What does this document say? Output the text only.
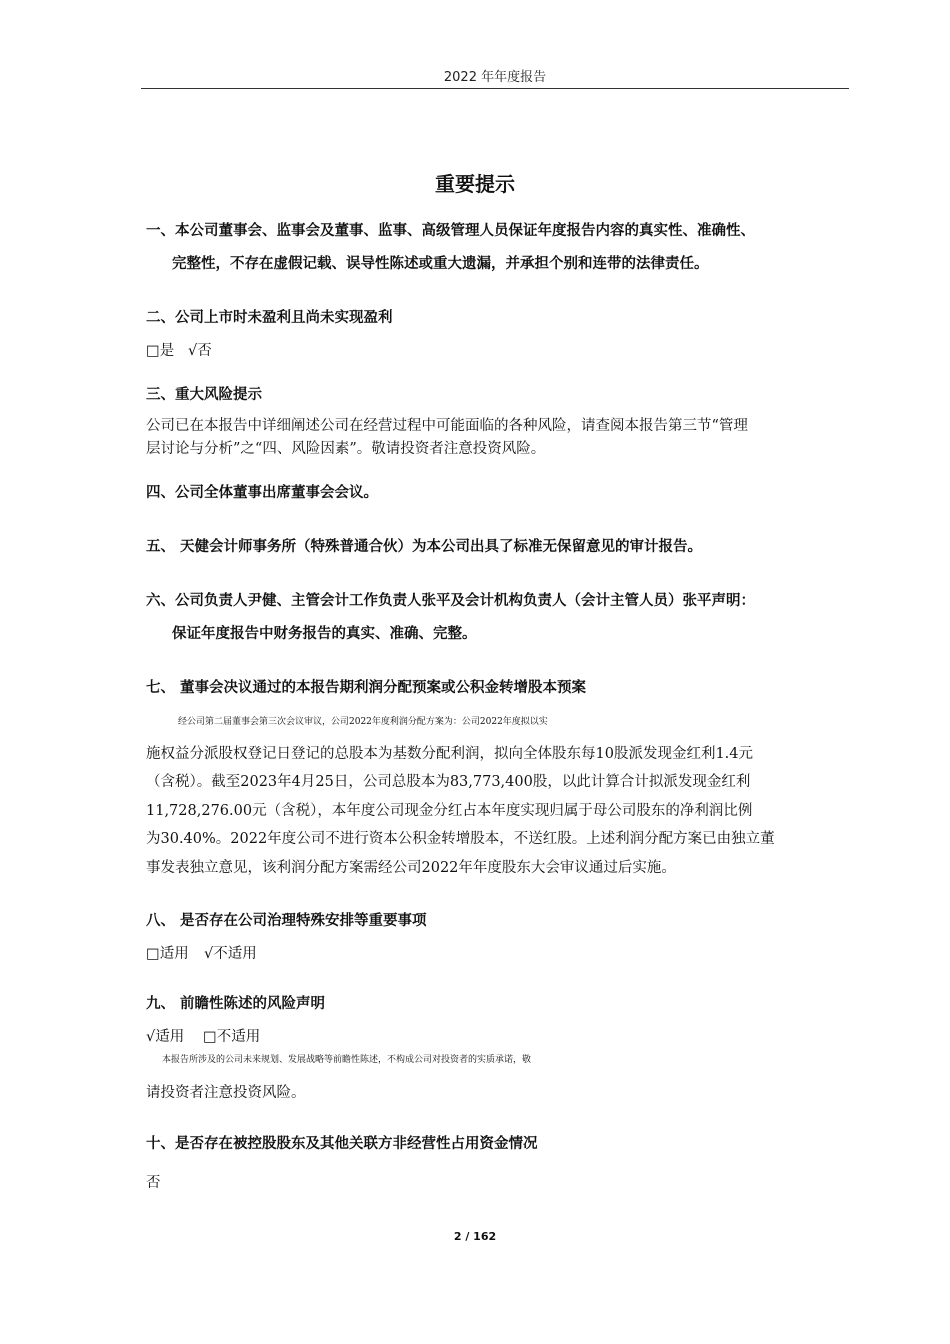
2022 年年度报告
重要提示
一、本公司董事会、监事会及董事、监事、高级管理人员保证年度报告内容的真实性、准确性、
完整性，不存在虚假记载、误导性陈述或重大遗漏，并承担个别和连带的法律责任。
二、公司上市时未盈利且尚未实现盈利
□是 √否
三、重大风险提示
公司已在本报告中详细阐述公司在经营过程中可能面临的各种风险，请查阅本报告第三节“管理
层讨论与分析”之“四、风险因素”。敬请投资者注意投资风险。
四、公司全体董事出席董事会会议。
五、 天健会计师事务所（特殊普通合伙）为本公司出具了标准无保留意见的审计报告。
六、公司负责人尹健、主管会计工作负责人张平及会计机构负责人（会计主管人员）张平声明：
保证年度报告中财务报告的真实、准确、完整。
七、 董事会决议通过的本报告期利润分配预案或公积金转增股本预案
经公司第二届董事会第三次会议审议，公司2022年度利润分配方案为：公司2022年度拟以实
施权益分派股权登记日登记的总股本为基数分配利润，拟向全体股东每10股派发现金红利1.4元
（含税）。截至2023年4月25日，公司总股本为83,773,400股，以此计算合计拟派发现金红利
11,728,276.00元（含税），本年度公司现金分红占本年度实现归属于母公司股东的净利润比例
为30.40%。2022年度公司不进行资本公积金转增股本，不送红股。上述利润分配方案已由独立董
事发表独立意见，该利润分配方案需经公司2022年年度股东大会审议通过后实施。
八、 是否存在公司治理特殊安排等重要事项
□适用 √不适用
九、 前瞻性陈述的风险声明
√适用 □不适用
本报告所涉及的公司未来规划、发展战略等前瞻性陈述，不构成公司对投资者的实质承诺，敬
请投资者注意投资风险。
十、是否存在被控股股东及其他关联方非经营性占用资金情况
否
2 / 162
